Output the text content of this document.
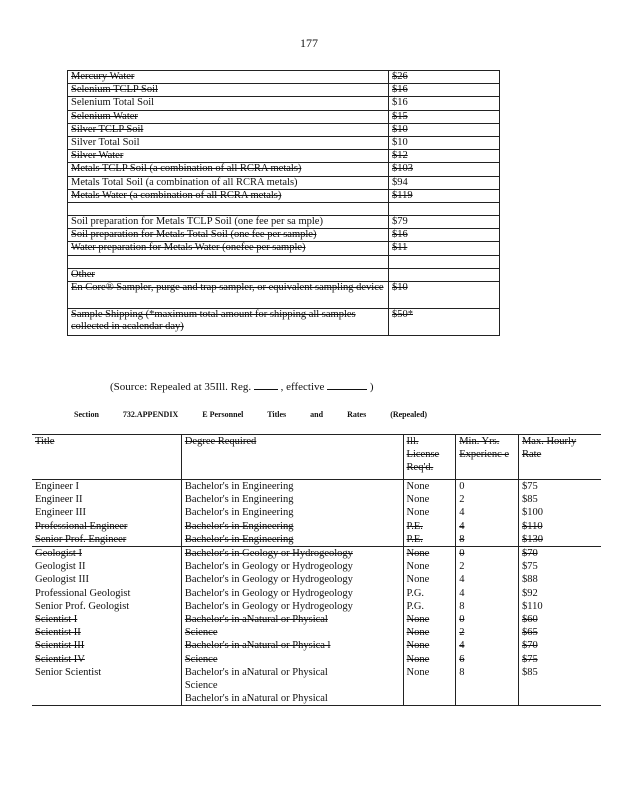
177
Mercury Water	$26
Selenium TCLP Soil	$16
Selenium Total Soil	$16
Selenium Water	$15
Silver TCLP Soil	$10
Silver Total Soil	$10
Silver Water	$12
Metals TCLP Soil (a combination of all RCRA metals)	$103
Metals Total Soil (a combination of all RCRA metals)	$94
Metals Water (a combination of all RCRA metals)	$119

Soil preparation for Metals TCLP Soil (one fee per sa mple)	$79
Soil preparation for Metals Total Soil (one fee per sample)	$16
Water preparation for Metals Water (onefee per sample)	$11

Other	
En Core® Sampler, purge and trap sampler, or equivalent sampling device	$10
Sample Shipping (*maximum total amount for shipping all samples collected in acalendar day)	$50*
(Source: Repealed at 35Ill. Reg.	, effective	)
Section	732.APPENDIX	E Personnel	Titles	and	Rates	(Repealed)
Title	Degree Required	Ill. License Req'd.	Min. Yrs. Experienc e	Max. Hourly Rate
Engineer I	Bachelor's in Engineering	None	0	$75
Engineer II	Bachelor's in Engineering	None	2	$85
Engineer III	Bachelor's in Engineering	None	4	$100
Professional Engineer	Bachelor's in Engineering	P.E.	4	$110
Senior Prof. Engineer	Bachelor's in Engineering	P.E.	8	$130
Geologist I	Bachelor's in Geology or Hydrogeology	None	0	$70
Geologist II	Bachelor's in Geology or Hydrogeology	None	2	$75
Geologist III	Bachelor's in Geology or Hydrogeology	None	4	$88
Professional Geologist	Bachelor's in Geology or Hydrogeology	P.G.	4	$92
Senior Prof. Geologist	Bachelor's in Geology or Hydrogeology	P.G.	8	$110
Scientist I	Bachelor's in aNatural or Physical	None	0	$60
Scientist II	Science	None	2	$65
Scientist III	Bachelor's in aNatural or Physica l	None	4	$70
Scientist IV	Science	None	6	$75
Senior Scientist	Bachelor's in aNatural or Physical	None	8	$85
	Science			
	Bachelor's in aNatural or Physical			
